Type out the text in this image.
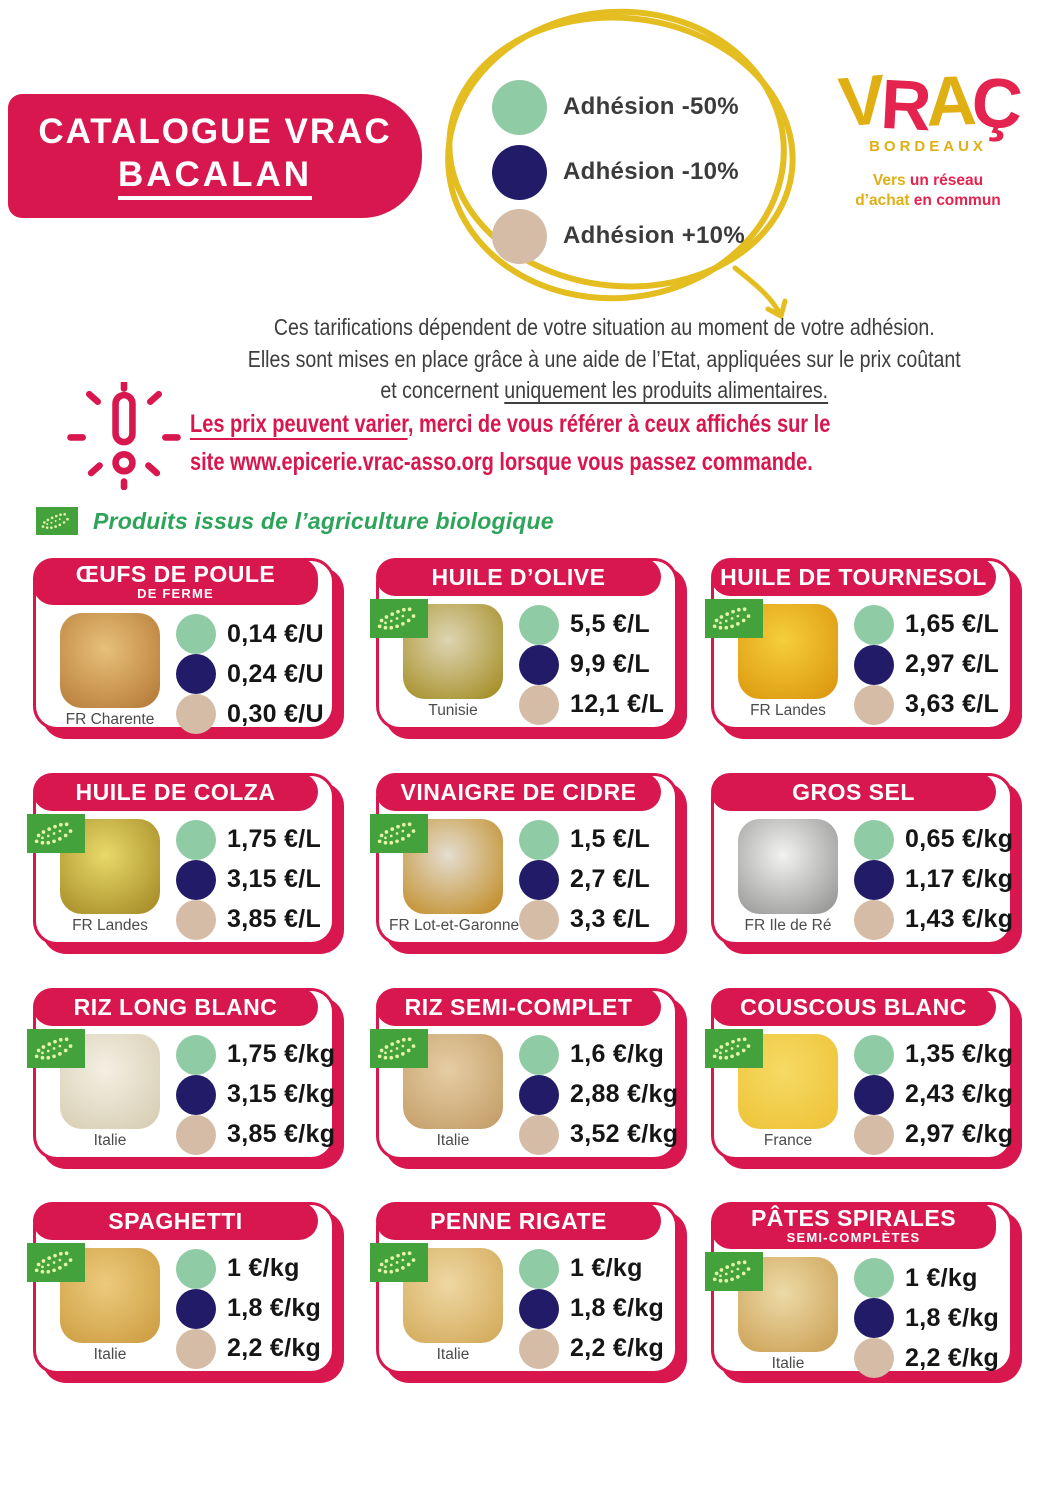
CATALOGUE VRAC
BACALAN
Adhésion -50%
Adhésion -10%
Adhésion +10%
V
R
A
Ç
BORDEAUX
Vers un réseau
d’achat en commun
Ces tarifications dépendent de votre situation au moment de votre adhésion.
Elles sont mises en place grâce à une aide de l’Etat, appliquées sur le prix coûtant
et concernent uniquement les produits alimentaires.
Les prix peuvent varier, merci de vous référer à ceux affichés sur le
site www.epicerie.vrac-asso.org lorsque vous passez commande.
Produits issus de l’agriculture biologique
ŒUFS DE POULE
DE FERME
FR Charente
0,14 €/U
0,24 €/U
0,30 €/U
HUILE D’OLIVE
Tunisie
5,5 €/L
9,9 €/L
12,1 €/L
HUILE DE TOURNESOL
FR Landes
1,65 €/L
2,97 €/L
3,63 €/L
HUILE DE COLZA
FR Landes
1,75 €/L
3,15 €/L
3,85 €/L
VINAIGRE DE CIDRE
FR Lot-et-Garonne
1,5 €/L
2,7 €/L
3,3 €/L
GROS SEL
FR Ile de Ré
0,65 €/kg
1,17 €/kg
1,43 €/kg
RIZ LONG BLANC
Italie
1,75 €/kg
3,15 €/kg
3,85 €/kg
RIZ SEMI-COMPLET
Italie
1,6 €/kg
2,88 €/kg
3,52 €/kg
COUSCOUS BLANC
France
1,35 €/kg
2,43 €/kg
2,97 €/kg
SPAGHETTI
Italie
1 €/kg
1,8 €/kg
2,2 €/kg
PENNE RIGATE
Italie
1 €/kg
1,8 €/kg
2,2 €/kg
PÂTES SPIRALES
SEMI-COMPLÈTES
Italie
1 €/kg
1,8 €/kg
2,2 €/kg
